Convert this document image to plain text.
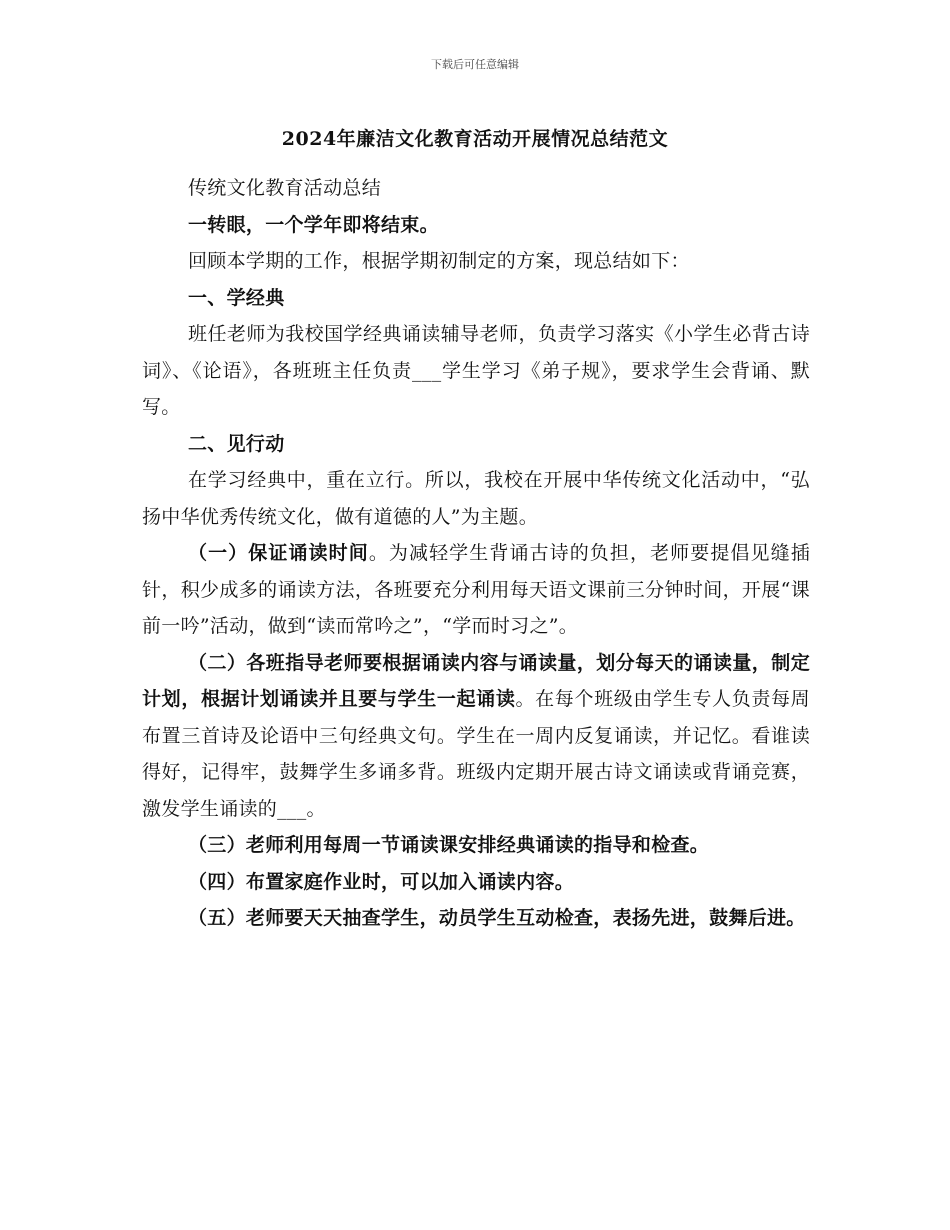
下载后可任意编辑
2024年廉洁文化教育活动开展情况总结范文

传统文化教育活动总结

一转眼，一个学年即将结束。

回顾本学期的工作，根据学期初制定的方案，现总结如下：

一、学经典

班任老师为我校国学经典诵读辅导老师，负责学习落实《小学生必背古诗词》、《论语》，各班班主任负责___学生学习《弟子规》，要求学生会背诵、默写。

二、见行动

在学习经典中，重在立行。所以，我校在开展中华传统文化活动中，“弘扬中华优秀传统文化，做有道德的人”为主题。

（一）保证诵读时间。为减轻学生背诵古诗的负担，老师要提倡见缝插针，积少成多的诵读方法，各班要充分利用每天语文课前三分钟时间，开展“课前一吟”活动，做到“读而常吟之”，“学而时习之”。

（二）各班指导老师要根据诵读内容与诵读量，划分每天的诵读量，制定计划，根据计划诵读并且要与学生一起诵读。在每个班级由学生专人负责每周布置三首诗及论语中三句经典文句。学生在一周内反复诵读，并记忆。看谁读得好，记得牢，鼓舞学生多诵多背。班级内定期开展古诗文诵读或背诵竞赛，激发学生诵读的___。

（三）老师利用每周一节诵读课安排经典诵读的指导和检查。

（四）布置家庭作业时，可以加入诵读内容。

（五）老师要天天抽查学生，动员学生互动检查，表扬先进，鼓舞后进。
